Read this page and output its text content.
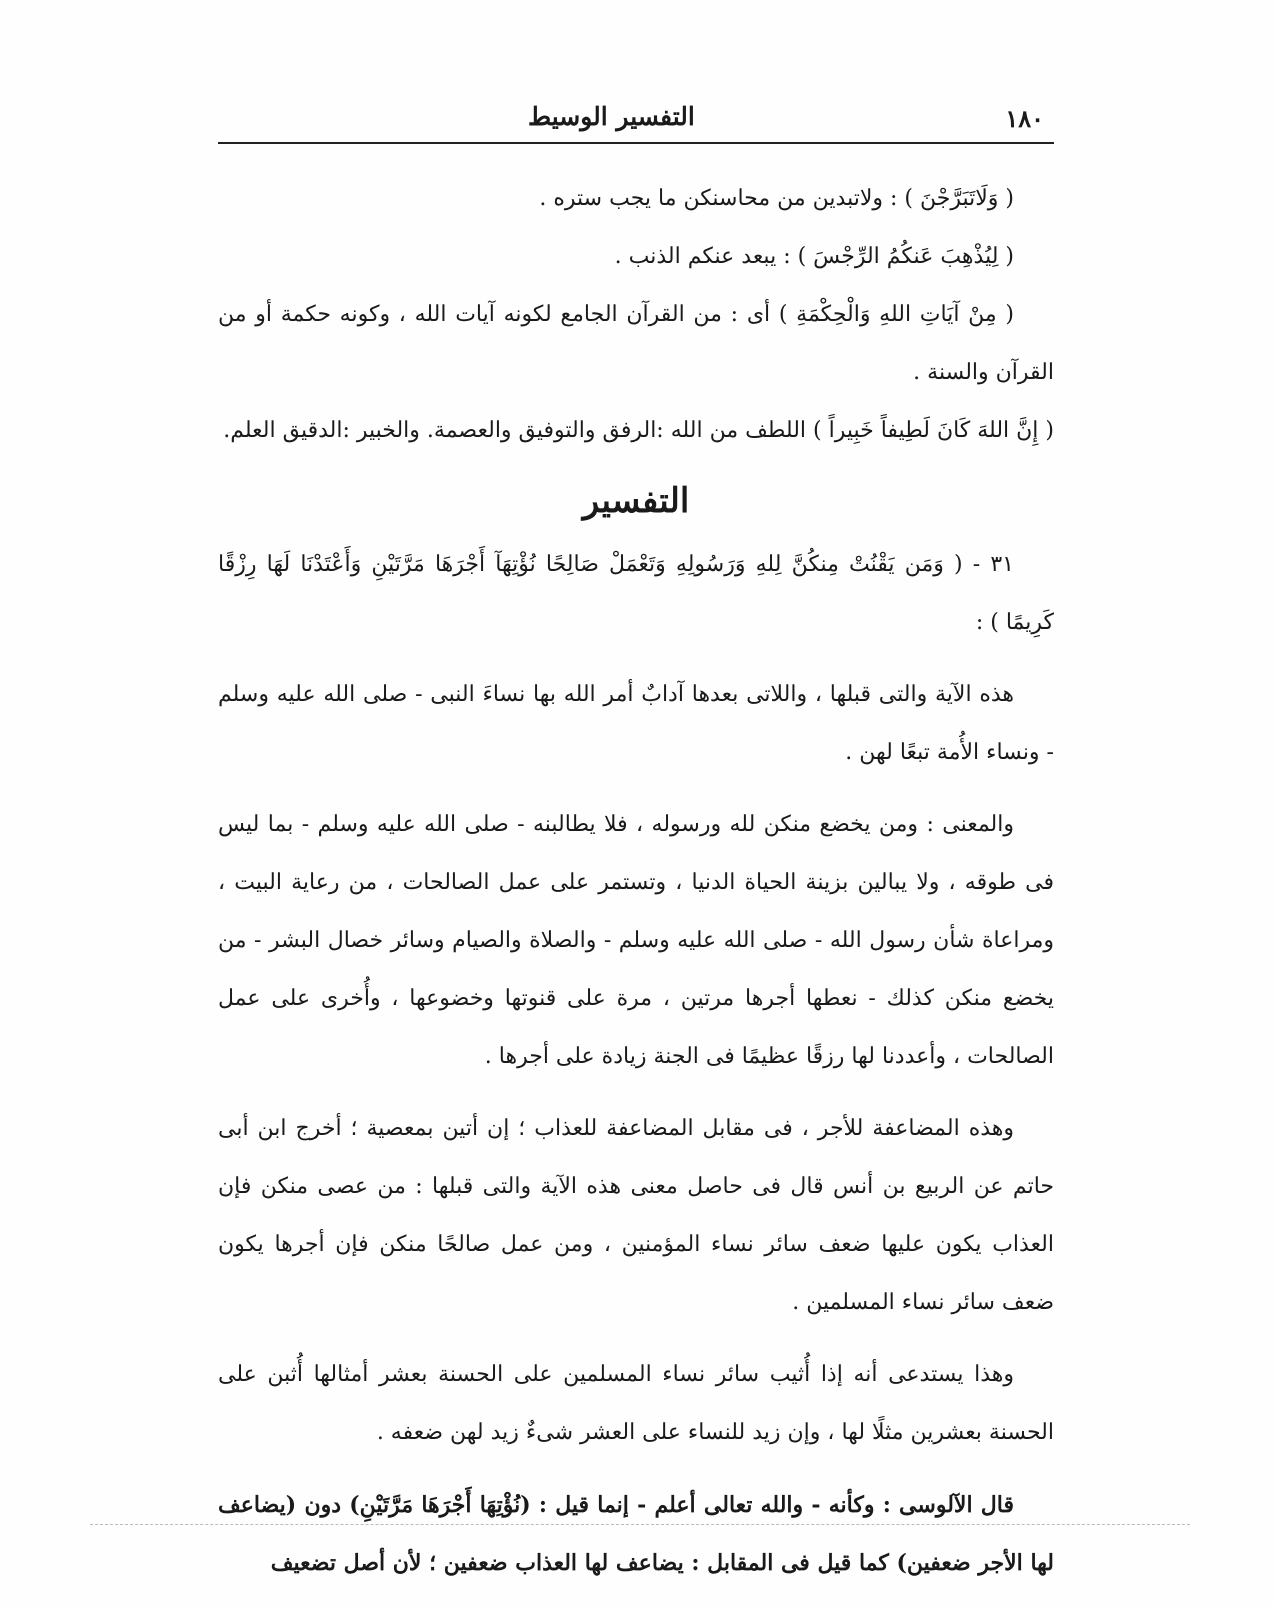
١٨٠
التفسير الوسيط

( وَلَاتَبَرَّجْنَ ) : ولاتبدين من محاسنكن ما يجب ستره .

( لِيُذْهِبَ عَنكُمُ الرِّجْسَ ) : يبعد عنكم الذنب .

( مِنْ آيَاتِ اللهِ وَالْحِكْمَةِ ) أى : من القرآن الجامع لكونه آيات الله ، وكونه حكمة أو من القرآن والسنة .

( إِنَّ اللهَ كَانَ لَطِيفاً خَبِيراً ) اللطف من الله :الرفق والتوفيق والعصمة. والخبير :الدقيق العلم.

التفسير

٣١ - ( وَمَن يَقْنُتْ مِنكُنَّ لِلهِ وَرَسُولِهِ وَتَعْمَلْ صَالِحًا نُؤْتِهَآ أَجْرَهَا مَرَّتَيْنِ وَأَعْتَدْنَا لَهَا رِزْقًا كَرِيمًا ) :

هذه الآية والتى قبلها ، واللاتى بعدها آدابٌ أمر الله بها نساءَ النبى - صلى الله عليه وسلم - ونساء الأُمة تبعًا لهن .

والمعنى : ومن يخضع منكن لله ورسوله ، فلا يطالبنه - صلى الله عليه وسلم - بما ليس فى طوقه ، ولا يبالين بزينة الحياة الدنيا ، وتستمر على عمل الصالحات ، من رعاية البيت ، ومراعاة شأن رسول الله - صلى الله عليه وسلم - والصلاة والصيام وسائر خصال البشر - من يخضع منكن كذلك - نعطها أجرها مرتين ، مرة على قنوتها وخضوعها ، وأُخرى على عمل الصالحات ، وأعددنا لها رزقًا عظيمًا فى الجنة زيادة على أجرها .

وهذه المضاعفة للأجر ، فى مقابل المضاعفة للعذاب ؛ إن أتين بمعصية ؛ أخرج ابن أبى حاتم عن الربيع بن أنس قال فى حاصل معنى هذه الآية والتى قبلها : من عصى منكن فإن العذاب يكون عليها ضعف سائر نساء المؤمنين ، ومن عمل صالحًا منكن فإن أجرها يكون ضعف سائر نساء المسلمين .

وهذا يستدعى أنه إذا أُثيب سائر نساء المسلمين على الحسنة بعشر أمثالها أُثبن على الحسنة بعشرين مثلًا لها ، وإن زيد للنساء على العشر شىءٌ زيد لهن ضعفه .

قال الآلوسى : وكأنه - والله تعالى أعلم - إنما قيل : (نُؤْتِهَا أَجْرَهَا مَرَّتَيْنِ) دون (يضاعف لها الأجر ضعفين) كما قيل فى المقابل : يضاعف لها العذاب ضعفين ؛ لأن أصل تضعيف
